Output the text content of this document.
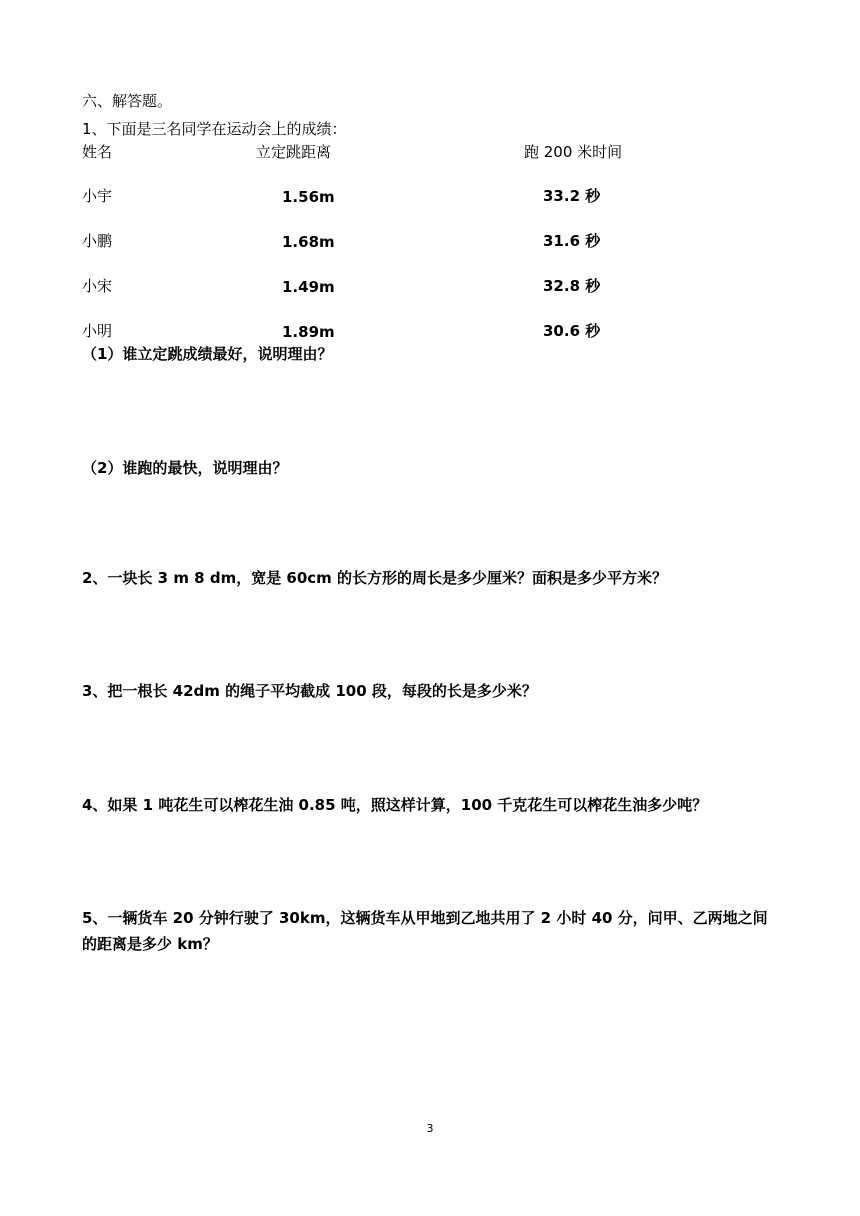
六、解答题。
1、下面是三名同学在运动会上的成绩：
姓名	立定跳距离	跑 200 米时间
小宇	1.56m	33.2 秒
小鹏	1.68m	31.6 秒
小宋	1.49m	32.8 秒
小明	1.89m	30.6 秒
（1）谁立定跳成绩最好，说明理由？
（2）谁跑的最快，说明理由？
2、一块长 3 m 8 dm，宽是 60cm 的长方形的周长是多少厘米？面积是多少平方米？
3、把一根长 42dm 的绳子平均截成 100 段，每段的长是多少米？
4、如果 1 吨花生可以榨花生油 0.85 吨，照这样计算，100 千克花生可以榨花生油多少吨？
5、一辆货车 20 分钟行驶了 30km，这辆货车从甲地到乙地共用了 2 小时 40 分，问甲、乙两地之间的距离是多少 km？
3
